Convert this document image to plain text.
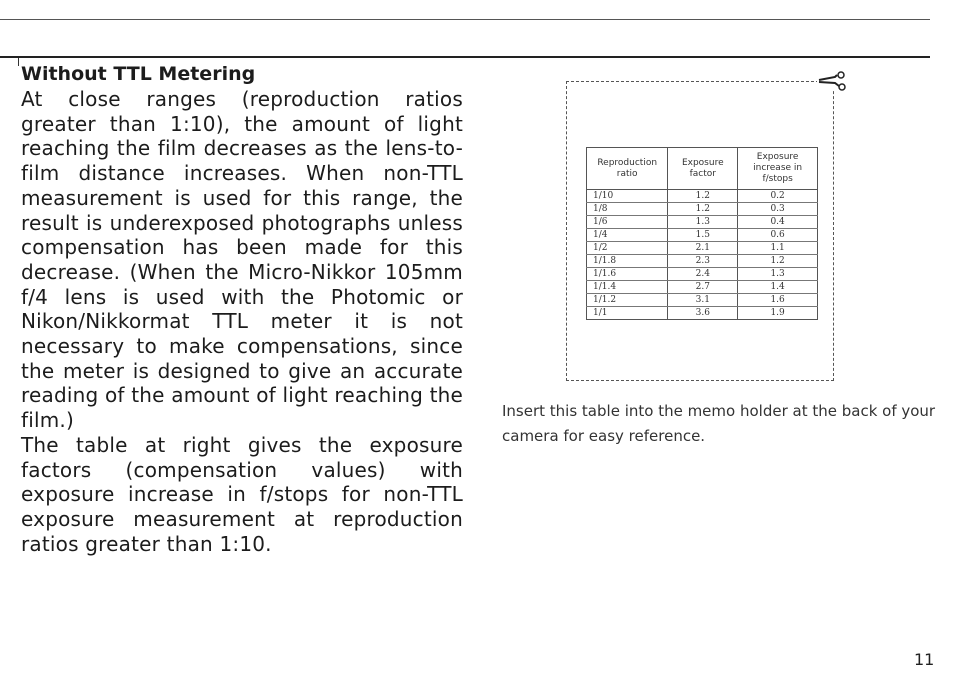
Without TTL Metering

At close ranges (reproduction ratios greater than 1:10), the amount of light reaching the film decreases as the lens-to-film distance increases. When non-TTL measurement is used for this range, the result is underexposed photographs unless compensation has been made for this decrease. (When the Micro-Nikkor 105mm f/4 lens is used with the Photomic or Nikon/Nikkormat TTL meter it is not necessary to make compensations, since the meter is designed to give an accurate reading of the amount of light reaching the film.)

The table at right gives the exposure factors (compensation values) with exposure increase in f/stops for non-TTL exposure measurement at reproduction ratios greater than 1:10.

Reproduction ratio	Exposure factor	Exposure increase in f/stops
1/10	1.2	0.2
1/8	1.2	0.3
1/6	1.3	0.4
1/4	1.5	0.6
1/2	2.1	1.1
1/1.8	2.3	1.2
1/1.6	2.4	1.3
1/1.4	2.7	1.4
1/1.2	3.1	1.6
1/1	3.6	1.9

Insert this table into the memo holder at the back of your camera for easy reference.

11
